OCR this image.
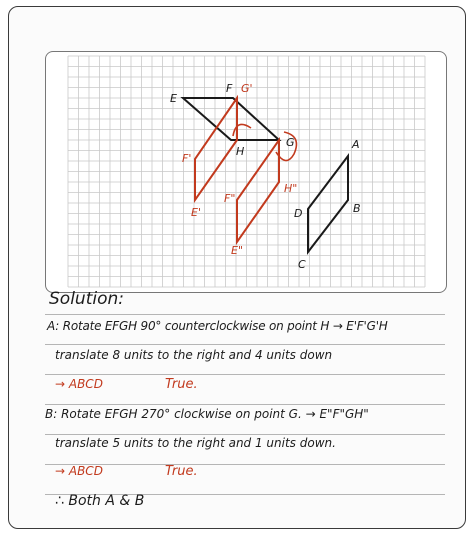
E
F G'
H
G
F'
E'
F"
H"
E"
A
B
C
D
Solution:
A: Rotate EFGH 90° counterclockwise on point H → E'F'G'H
translate 8 units to the right and 4 units down
→ ABCD	True.
B: Rotate EFGH 270° clockwise on point G. → E"F"GH"
translate 5 units to the right and 1 units down.
→ ABCD	True.
∴ Both A & B
